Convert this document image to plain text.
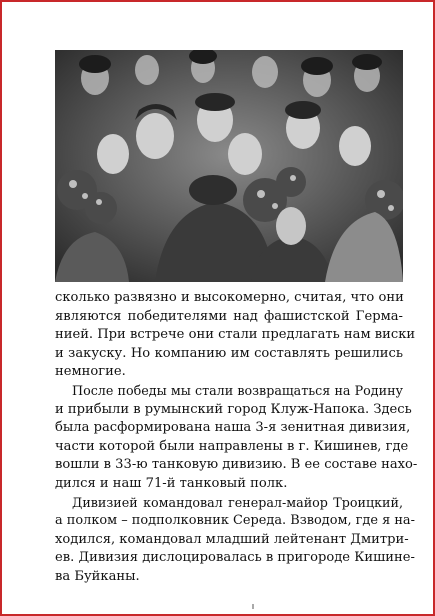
сколько развязно и высокомерно, считая, что они
являются победителями над фашистской Герма-
нией. При встрече они стали предлагать нам виски
и закуску. Но компанию им составлять решились
немногие.

После победы мы стали возвращаться на Родину
и прибыли в румынский город Клуж-Напока. Здесь
была расформирована наша 3-я зенитная дивизия,
части которой были направлены в г. Кишинев, где
вошли в 33-ю танковую дивизию. В ее составе нахо-
дился и наш 71-й танковый полк.

Дивизией командовал генерал-майор Троицкий,
а полком – подполковник Середа. Взводом, где я на-
ходился, командовал младший лейтенант Дмитри-
ев. Дивизия дислоцировалась в пригороде Кишине-
ва Буйканы.
